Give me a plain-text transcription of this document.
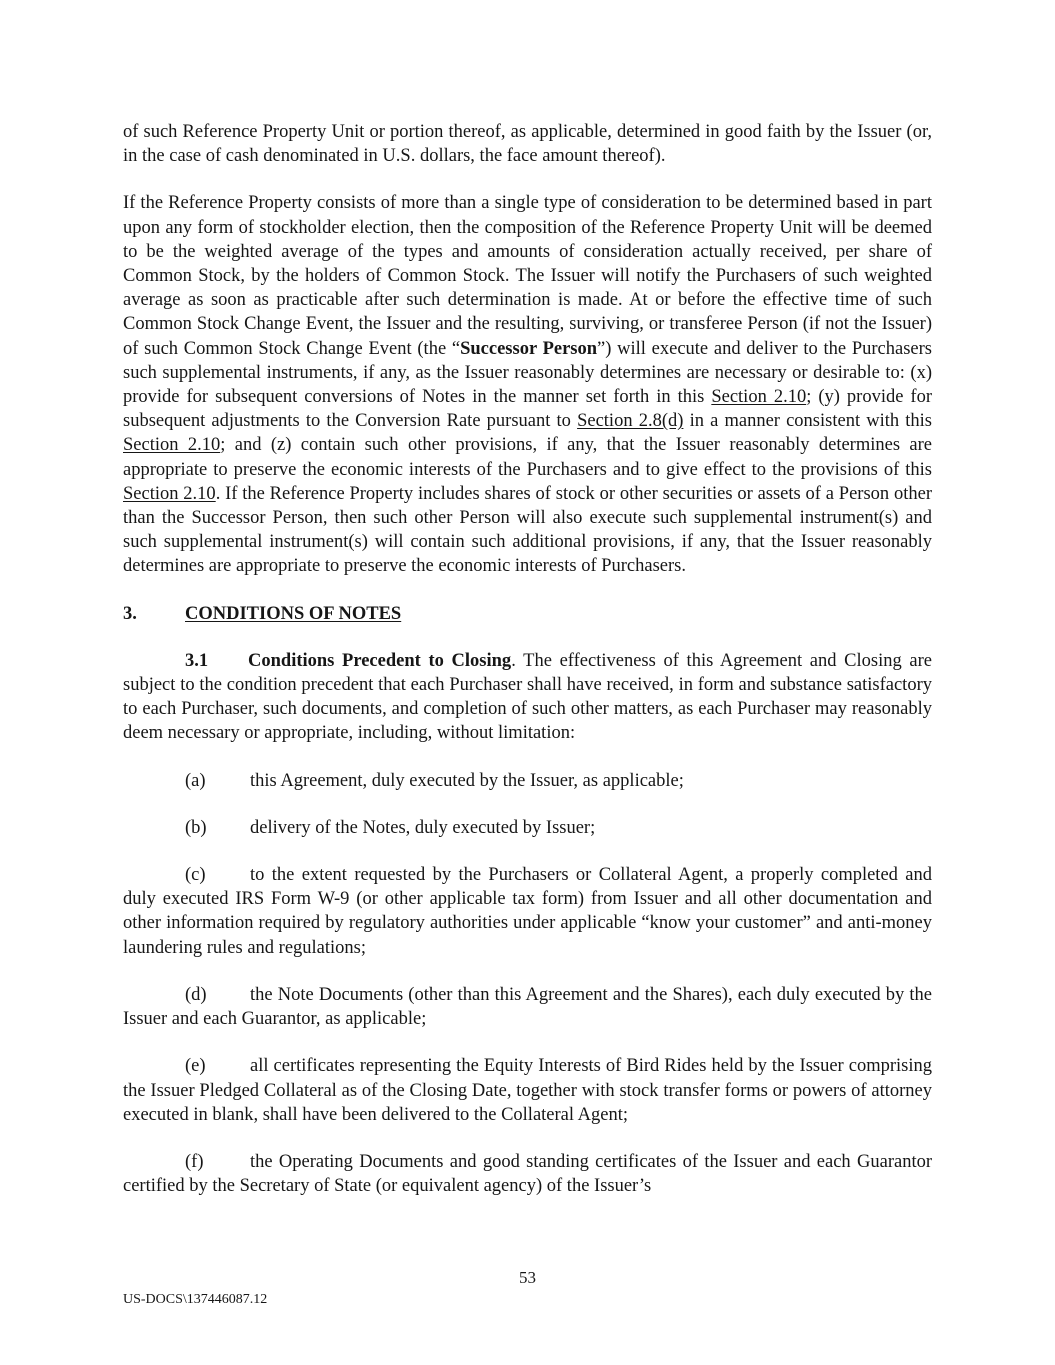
of such Reference Property Unit or portion thereof, as applicable, determined in good faith by the Issuer (or, in the case of cash denominated in U.S. dollars, the face amount thereof).

If the Reference Property consists of more than a single type of consideration to be determined based in part upon any form of stockholder election, then the composition of the Reference Property Unit will be deemed to be the weighted average of the types and amounts of consideration actually received, per share of Common Stock, by the holders of Common Stock. The Issuer will notify the Purchasers of such weighted average as soon as practicable after such determination is made. At or before the effective time of such Common Stock Change Event, the Issuer and the resulting, surviving, or transferee Person (if not the Issuer) of such Common Stock Change Event (the “Successor Person”) will execute and deliver to the Purchasers such supplemental instruments, if any, as the Issuer reasonably determines are necessary or desirable to: (x) provide for subsequent conversions of Notes in the manner set forth in this Section 2.10; (y) provide for subsequent adjustments to the Conversion Rate pursuant to Section 2.8(d) in a manner consistent with this Section 2.10; and (z) contain such other provisions, if any, that the Issuer reasonably determines are appropriate to preserve the economic interests of the Purchasers and to give effect to the provisions of this Section 2.10. If the Reference Property includes shares of stock or other securities or assets of a Person other than the Successor Person, then such other Person will also execute such supplemental instrument(s) and such supplemental instrument(s) will contain such additional provisions, if any, that the Issuer reasonably determines are appropriate to preserve the economic interests of Purchasers.

3.	CONDITIONS OF NOTES

3.1 Conditions Precedent to Closing. The effectiveness of this Agreement and Closing are subject to the condition precedent that each Purchaser shall have received, in form and substance satisfactory to each Purchaser, such documents, and completion of such other matters, as each Purchaser may reasonably deem necessary or appropriate, including, without limitation:

(a) this Agreement, duly executed by the Issuer, as applicable;

(b) delivery of the Notes, duly executed by Issuer;

(c) to the extent requested by the Purchasers or Collateral Agent, a properly completed and duly executed IRS Form W-9 (or other applicable tax form) from Issuer and all other documentation and other information required by regulatory authorities under applicable “know your customer” and anti-money laundering rules and regulations;

(d) the Note Documents (other than this Agreement and the Shares), each duly executed by the Issuer and each Guarantor, as applicable;

(e) all certificates representing the Equity Interests of Bird Rides held by the Issuer comprising the Issuer Pledged Collateral as of the Closing Date, together with stock transfer forms or powers of attorney executed in blank, shall have been delivered to the Collateral Agent;

(f)	the Operating Documents and good standing certificates of the Issuer and each Guarantor certified by the Secretary of State (or equivalent agency) of the Issuer’s

53
US-DOCS\137446087.12
